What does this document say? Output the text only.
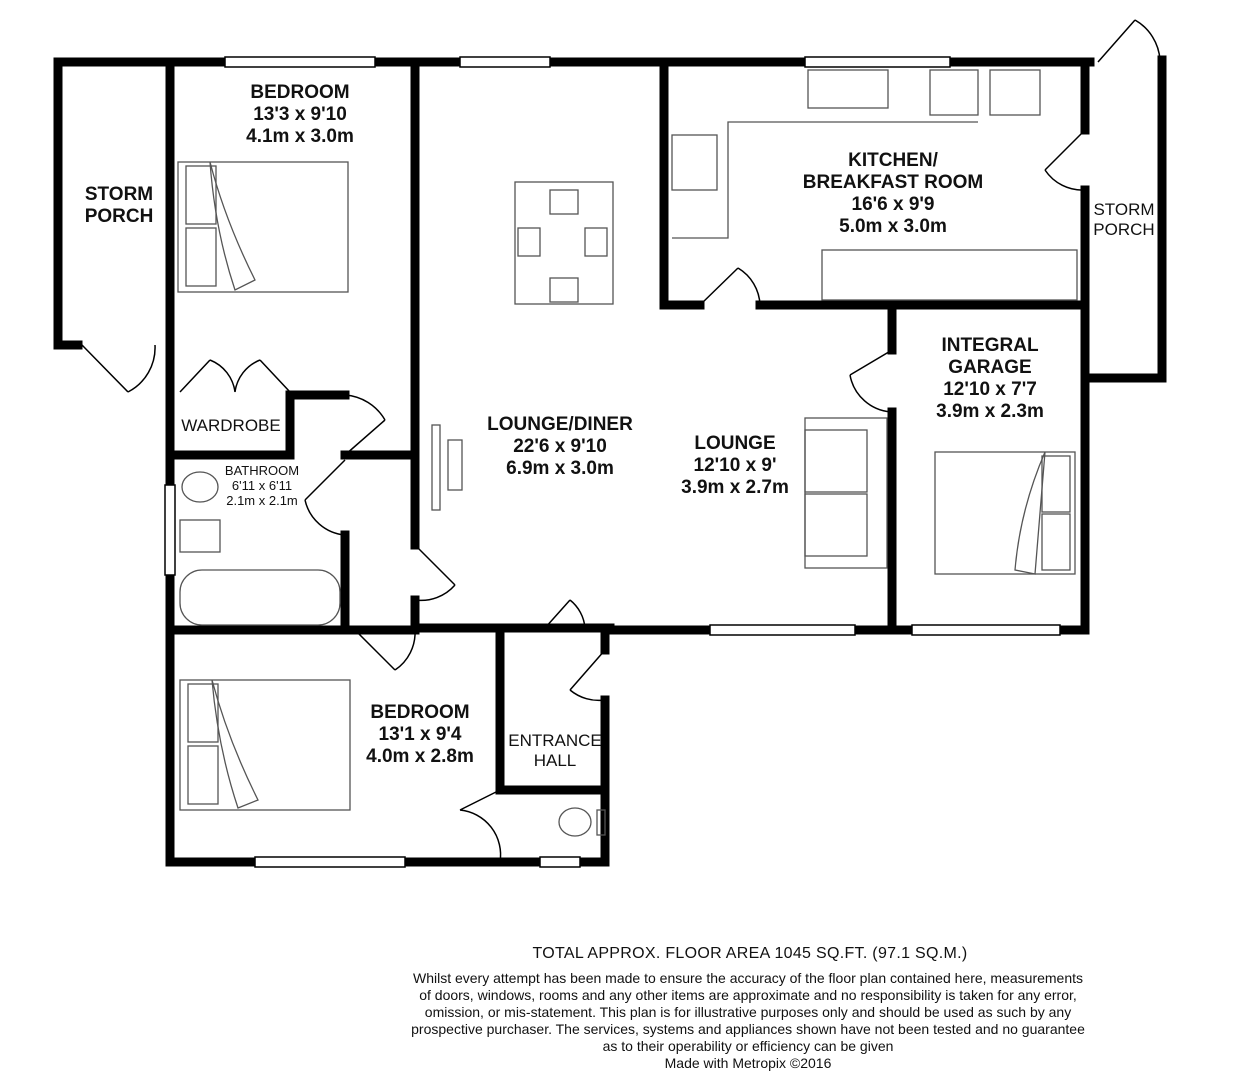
BEDROOM
13'3 x 9'10
4.1m x 3.0m
STORM
PORCH
WARDROBE
BATHROOM
6'11 x 6'11
2.1m x 2.1m
LOUNGE/DINER
22'6 x 9'10
6.9m x 3.0m
LOUNGE
12'10 x 9'
3.9m x 2.7m
KITCHEN/
BREAKFAST ROOM
16'6 x 9'9
5.0m x 3.0m
STORM
PORCH
INTEGRAL
GARAGE
12'10 x 7'7
3.9m x 2.3m
BEDROOM
13'1 x 9'4
4.0m x 2.8m
ENTRANCE
HALL
TOTAL APPROX. FLOOR AREA 1045 SQ.FT. (97.1 SQ.M.)
Whilst every attempt has been made to ensure the accuracy of the floor plan contained here, measurements
of doors, windows, rooms and any other items are approximate and no responsibility is taken for any error,
omission, or mis-statement. This plan is for illustrative purposes only and should be used as such by any
prospective purchaser. The services, systems and appliances shown have not been tested and no guarantee
as to their operability or efficiency can be given
Made with Metropix ©2016
